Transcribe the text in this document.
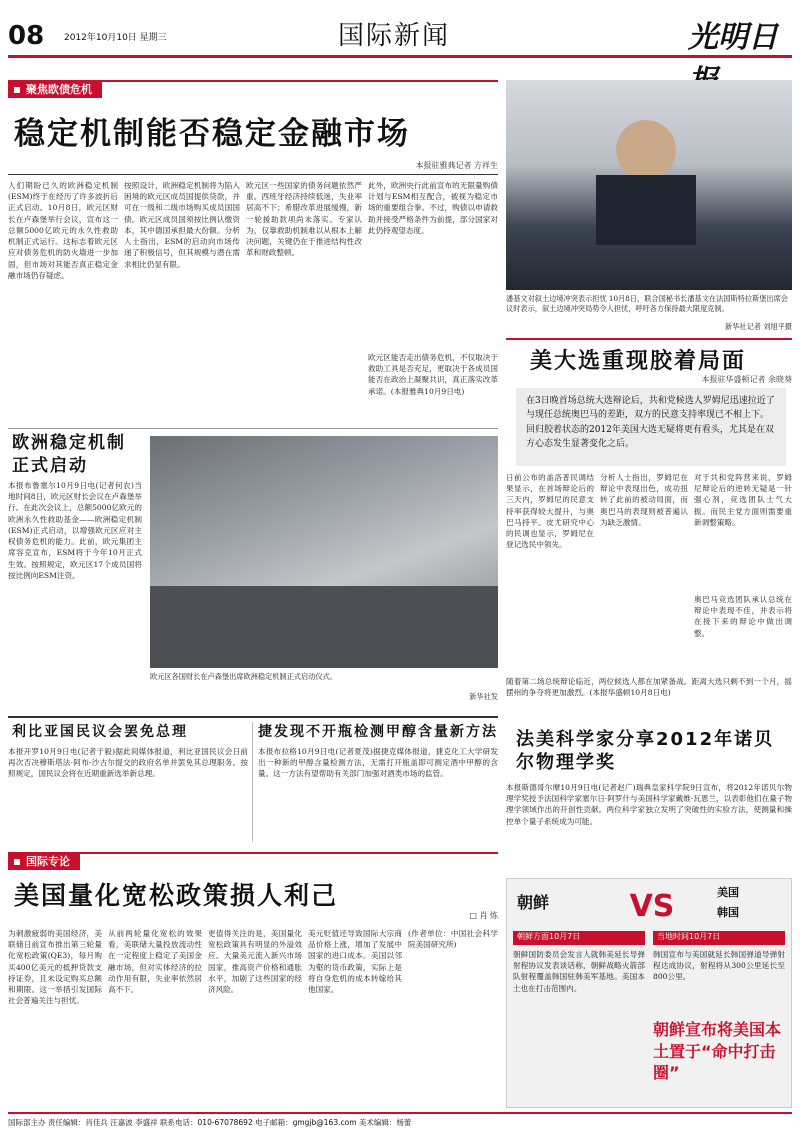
08 2012年10月10日 星期三	国际新闻	光明日
聚焦欧债危机
稳定机制能否稳定金融市场
本报驻雅典记者 方祥生
人们期盼已久的欧洲稳定机制(ESM)终于在经历了许多波折后正式启动。10月8日，欧元区财长在卢森堡举行会议，宣布这一总额5000亿欧元的永久性救助机制正式运行。这标志着欧元区应对债务危机的防火墙进一步加固，但市场对其能否真正稳定金融市场仍存疑虑。
按照设计，欧洲稳定机制将为陷入困境的欧元区成员国提供贷款，并可在一级和二级市场购买成员国国债。欧元区成员国须按比例认缴资本，其中德国承担最大份额。分析人士指出，ESM的启动向市场传递了积极信号，但其规模与潜在需求相比仍显有限。
欧元区一些国家的债务问题依然严重。西班牙经济持续低迷，失业率居高不下；希腊改革进展缓慢，新一轮援助款项尚未落实。专家认为，仅靠救助机制难以从根本上解决问题，关键仍在于推进结构性改革和财政整顿。
此外，欧洲央行此前宣布的无限量购债计划与ESM相互配合，被视为稳定市场的重要组合拳。不过，购债以申请救助并接受严格条件为前提，部分国家对此仍持观望态度。
欧元区能否走出债务危机，不仅取决于救助工具是否充足，更取决于各成员国能否在政治上凝聚共识，真正落实改革承诺。(本报雅典10月9日电)
潘基文对叙土边境冲突表示担忧 10月8日，联合国秘书长潘基文在法国斯特拉斯堡出席会议时表示，叙土边境冲突局势令人担忧，呼吁各方保持最大限度克制。
新华社记者 刘旭平摄
美大选重现胶着局面
本报驻华盛顿记者 余晓葵
在3日晚首场总统大选辩论后，共和党候选人罗姆尼迅速拉近了与现任总统奥巴马的差距，双方的民意支持率现已不相上下。回归胶着状态的2012年美国大选无疑将更有看头，尤其是在双方心态发生显著变化之后。
日前公布的盖洛普民调结果显示，在首场辩论后的三天内，罗姆尼的民意支持率获得较大提升，与奥巴马持平。皮尤研究中心的民调也显示，罗姆尼在登记选民中领先。
分析人士指出，罗姆尼在辩论中表现出色，成功扭转了此前的被动局面，而奥巴马的表现则被普遍认为缺乏激情。
对于共和党阵营来说，罗姆尼辩论后的逆转无疑是一针强心剂，竞选团队士气大振。而民主党方面则需要重新调整策略。
奥巴马竞选团队承认总统在辩论中表现不佳，并表示将在接下来的辩论中做出调整。
随着第二场总统辩论临近，两位候选人都在加紧备战。距离大选只剩不到一个月，摇摆州的争夺将更加激烈。(本报华盛顿10月8日电)
欧洲稳定机制正式启动
本报布鲁塞尔10月9日电(记者何农)当地时间8日，欧元区财长会议在卢森堡举行。在此次会议上，总额5000亿欧元的欧洲永久性救助基金——欧洲稳定机制(ESM)正式启动，以增强欧元区应对主权债务危机的能力。此前，欧元集团主席容克宣布，ESM将于今年10月正式生效。按照规定，欧元区17个成员国将按比例向ESM注资。
欧元区各国财长在卢森堡出席欧洲稳定机制正式启动仪式。
新华社发
利比亚国民议会罢免总理
本报开罗10月9日电(记者于毅)据此间媒体报道，利比亚国民议会日前再次否决穆斯塔法·阿布-沙古尔提交的政府名单并罢免其总理职务。按照规定，国民议会将在近期重新选举新总理。
捷发现不开瓶检测甲醇含量新方法
本报布拉格10月9日电(记者夏茂)据捷克媒体报道，捷克化工大学研发出一种新的甲醇含量检测方法，无需打开瓶盖即可测定酒中甲醇的含量。这一方法有望帮助有关部门加强对酒类市场的监管。
法美科学家分享2012年诺贝尔物理学奖
本报斯德哥尔摩10月9日电(记者赵广)瑞典皇家科学院9日宣布，将2012年诺贝尔物理学奖授予法国科学家塞尔日·阿罗什与美国科学家戴维·瓦恩兰，以表彰他们在量子物理学领域作出的开创性贡献。两位科学家独立发明了突破性的实验方法，使测量和操控单个量子系统成为可能。
国际专论
美国量化宽松政策损人利己
□ 肖 炼
为刺激疲弱的美国经济，美联储日前宣布推出第三轮量化宽松政策(QE3)，每月购买400亿美元的抵押贷款支持证券，且未设定购买总额和期限。这一举措引发国际社会普遍关注与担忧。
从前两轮量化宽松的效果看，美联储大量投放流动性在一定程度上稳定了美国金融市场，但对实体经济的拉动作用有限，失业率依然居高不下。
更值得关注的是，美国量化宽松政策具有明显的外溢效应。大量美元流入新兴市场国家，推高资产价格和通胀水平，加剧了这些国家的经济风险。
美元贬值还导致国际大宗商品价格上涨，增加了发展中国家的进口成本。美国以邻为壑的货币政策，实际上是将自身危机的成本转嫁给其他国家。
(作者单位：中国社会科学院美国研究所)
朝鲜	VS	美国
韩国
朝鲜方面10月7日
朝鲜国防委员会发言人就韩美延长导弹射程协议发表谈话称，朝鲜战略火箭部队射程覆盖韩国驻韩美军基地。美国本土也在打击范围内。
当地时间10月7日
韩国宣布与美国就延长韩国弹道导弹射程达成协议，射程将从300公里延长至800公里。
朝鲜宣布将美国本土置于“命中打击圈”
国际部主办 责任编辑：肖佳兵 汪嘉波 李盛祥 联系电话：010-67078692 电子邮箱：gmgjb@163.com 美术编辑：杨蕾
